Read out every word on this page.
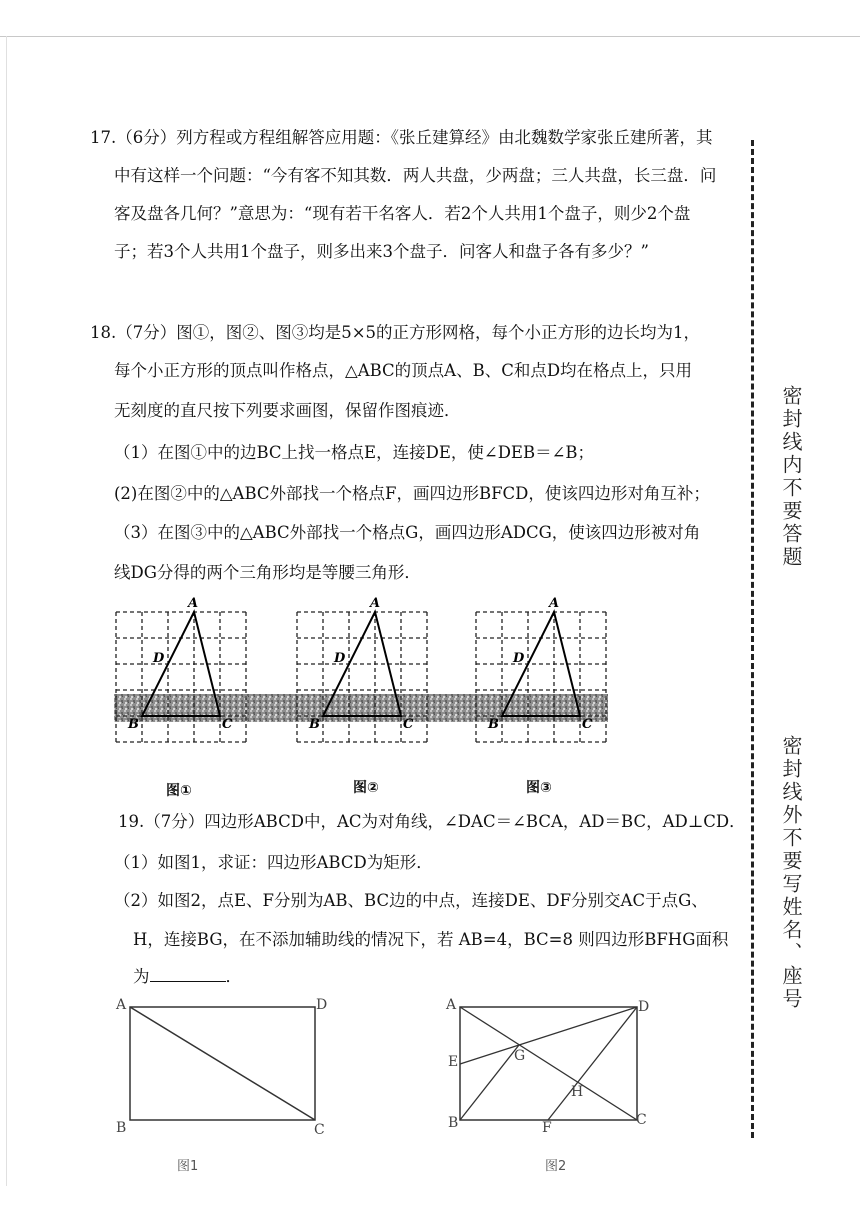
17.（6分）列方程或方程组解答应用题：《张丘建算经》由北魏数学家张丘建所著，其
中有这样一个问题：“今有客不知其数．两人共盘，少两盘；三人共盘，长三盘．问
客及盘各几何？”意思为：“现有若干名客人．若2个人共用1个盘子，则少2个盘
子；若3个人共用1个盘子，则多出来3个盘子．问客人和盘子各有多少？”
18.（7分）图①，图②、图③均是5×5的正方形网格，每个小正方形的边长均为1，
每个小正方形的顶点叫作格点，△ABC的顶点A、B、C和点D均在格点上，只用
无刻度的直尺按下列要求画图，保留作图痕迹．
（1）在图①中的边BC上找一格点E，连接DE，使∠DEB＝∠B；
(2)在图②中的△ABC外部找一个格点F，画四边形BFCD，使该四边形对角互补；
（3）在图③中的△ABC外部找一个格点G，画四边形ADCG，使该四边形被对角
线DG分得的两个三角形均是等腰三角形．
A
B	C
D
A
B	C
D
A
B	C
D
图①	图②	图③
19.（7分）四边形ABCD中，AC为对角线，∠DAC＝∠BCA，AD＝BC，AD⊥CD．
（1）如图1，求证：四边形ABCD为矩形．
（2）如图2，点E、F分别为AB、BC边的中点，连接DE、DF分别交AC于点G、
H，连接BG，在不添加辅助线的情况下，若 AB=4，BC=8 则四边形BFHG面积
为	．
A	D
B	C
图1
A	D
E	G
H
B	F	C
图2
密封线内不要答题
密封线外不要写姓名、座号
